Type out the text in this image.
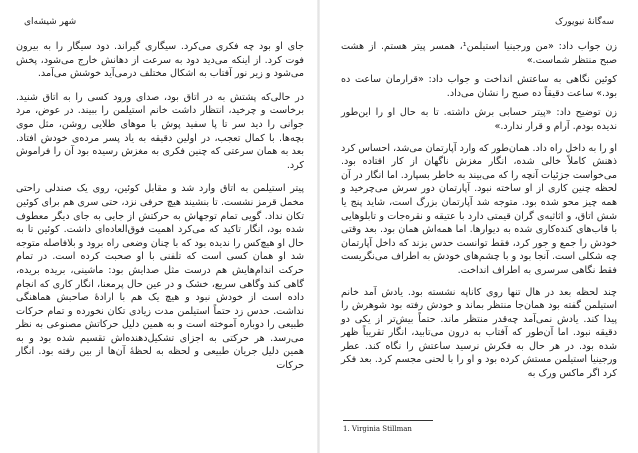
شهر شیشه‌ای

جای او بود چه فکری می‌کرد. سیگاری گیراند. دود سیگار را به بیرون فوت کرد. از اینکه می‌دید دود به سرعت از دهانش خارج می‌شود، پخش می‌شود و زیر نور آفتاب به اشکال مختلف در‌می‌آید خوشش می‌آمد.

در حالی‌که پشتش به در اتاق بود، صدای ورود کسی را به اتاق شنید. برخاست و چرخید، انتظار داشت خانم استیلمن را ببیند. در عوض، مرد جوانی را دید سر تا پا سفید پوش با موهای طلایی روشن، مثل موی بچه‌ها. با کمال تعجب، در اولین دقیقه به یاد پسر مرده‌ی خودش افتاد. بعد به همان سرعتی که چنین فکری به مغزش رسیده بود آن را فراموش کرد.

پیتر استیلمن به اتاق وارد شد و مقابل کوئین، روی یک صندلی راحتی مخمل قرمز نشست. تا بنشیند هیچ حرفی نزد، حتی سری هم برای کوئین تکان نداد. گویی تمام توجهاش به حرکتش از جایی به جای دیگر معطوف شده بود، انگار تاکید که می‌کرد اهمیت فوق‌العاده‌ای داشت. کوئین تا به حال او هیچ‌کس را ندیده بود که با چنان وضعی راه برود و بلافاصله متوجه شد او همان کسی است که تلفنی با او صحبت کرده است. در تمام حرکت اندام‌هایش هم درست مثل صدایش بود: ماشینی، بریده بریده، گاهی کند وگاهی سریع، خشک و در عین حال پرمعنا، انگار کاری که انجام داده است از خودش نبود و هیچ یک هم با ارادهٔ صاحبش هماهنگی نداشت. حدس زد حتماً استیلمن مدت زیادی تکان نخورده و تمام حرکات طبیعی را دوباره آموخته است و به همین دلیل حرکاتش مصنوعی به نظر می‌رسد. هر حرکتی به اجزای تشکیل‌دهنده‌اش تقسیم شده بود و به همین دلیل جریان طبیعی و لحظه به لحظهٔ آن‌ها از بین رفته بود. انگار حرکات

سه‌گانهٔ نیویورک

زن جواب داد: «من ورجینیا استیلمن¹، همسر پیتر هستم. از هشت صبح منتظر شماست.»

کوئین نگاهی به ساعتش انداخت و جواب داد: «قرارمان ساعت ده بود.» ساعت دقیقاً ده صبح را نشان می‌داد.

زن توضیح داد: «پیتر حسابی برش داشته. تا به حال او را این‌طور ندیده بودم. آرام و قرار ندارد.»

او را به داخل راه داد. همان‌طور که وارد آپارتمان می‌شد، احساس کرد ذهنش کاملاً خالی شده، انگار مغزش ناگهان از کار افتاده بود. می‌خواست جزئیات آنچه را که می‌بیند به خاطر بسپارد. اما انگار در آن لحظه چنین کاری از او ساخته نبود. آپارتمان دور سرش می‌چرخید و همه چیز محو شده بود. متوجه شد آپارتمان بزرگ است، شاید پنج یا شش اتاق، و اثاثیه‌ی گران قیمتی دارد با عتیقه و نقره‌جات و تابلوهایی با قاب‌های کنده‌کاری شده به دیوارها. اما همه‌اش همان بود. بعد وقتی خودش را جمع و جور کرد، فقط توانست حدس بزند که داخل آپارتمان چه شکلی است. آنجا بود و با چشم‌های خودش به اطراف می‌نگریست فقط نگاهی سرسری به اطراف انداخت.

چند لحظه بعد در هال تنها روی کاناپه نشسته بود. یادش آمد خانم استیلمن گفته بود همان‌جا منتظر بماند و خودش رفته بود شوهرش را پیدا کند. یادش نمی‌آمد چه‌قدر منتظر ماند. حتماً بیش‌تر از یکی دو دقیقه نبود. اما آن‌طور که آفتاب به درون می‌تابید، انگار تقریباً ظهر شده بود. در هر حال به فکرش نرسید ساعتش را نگاه کند. عطر ورجینیا استیلمن مستش کرده بود و او را با لحنی مجسم کرد. بعد فکر کرد اگر ماکس ورک به

1. Virginia Stillman
